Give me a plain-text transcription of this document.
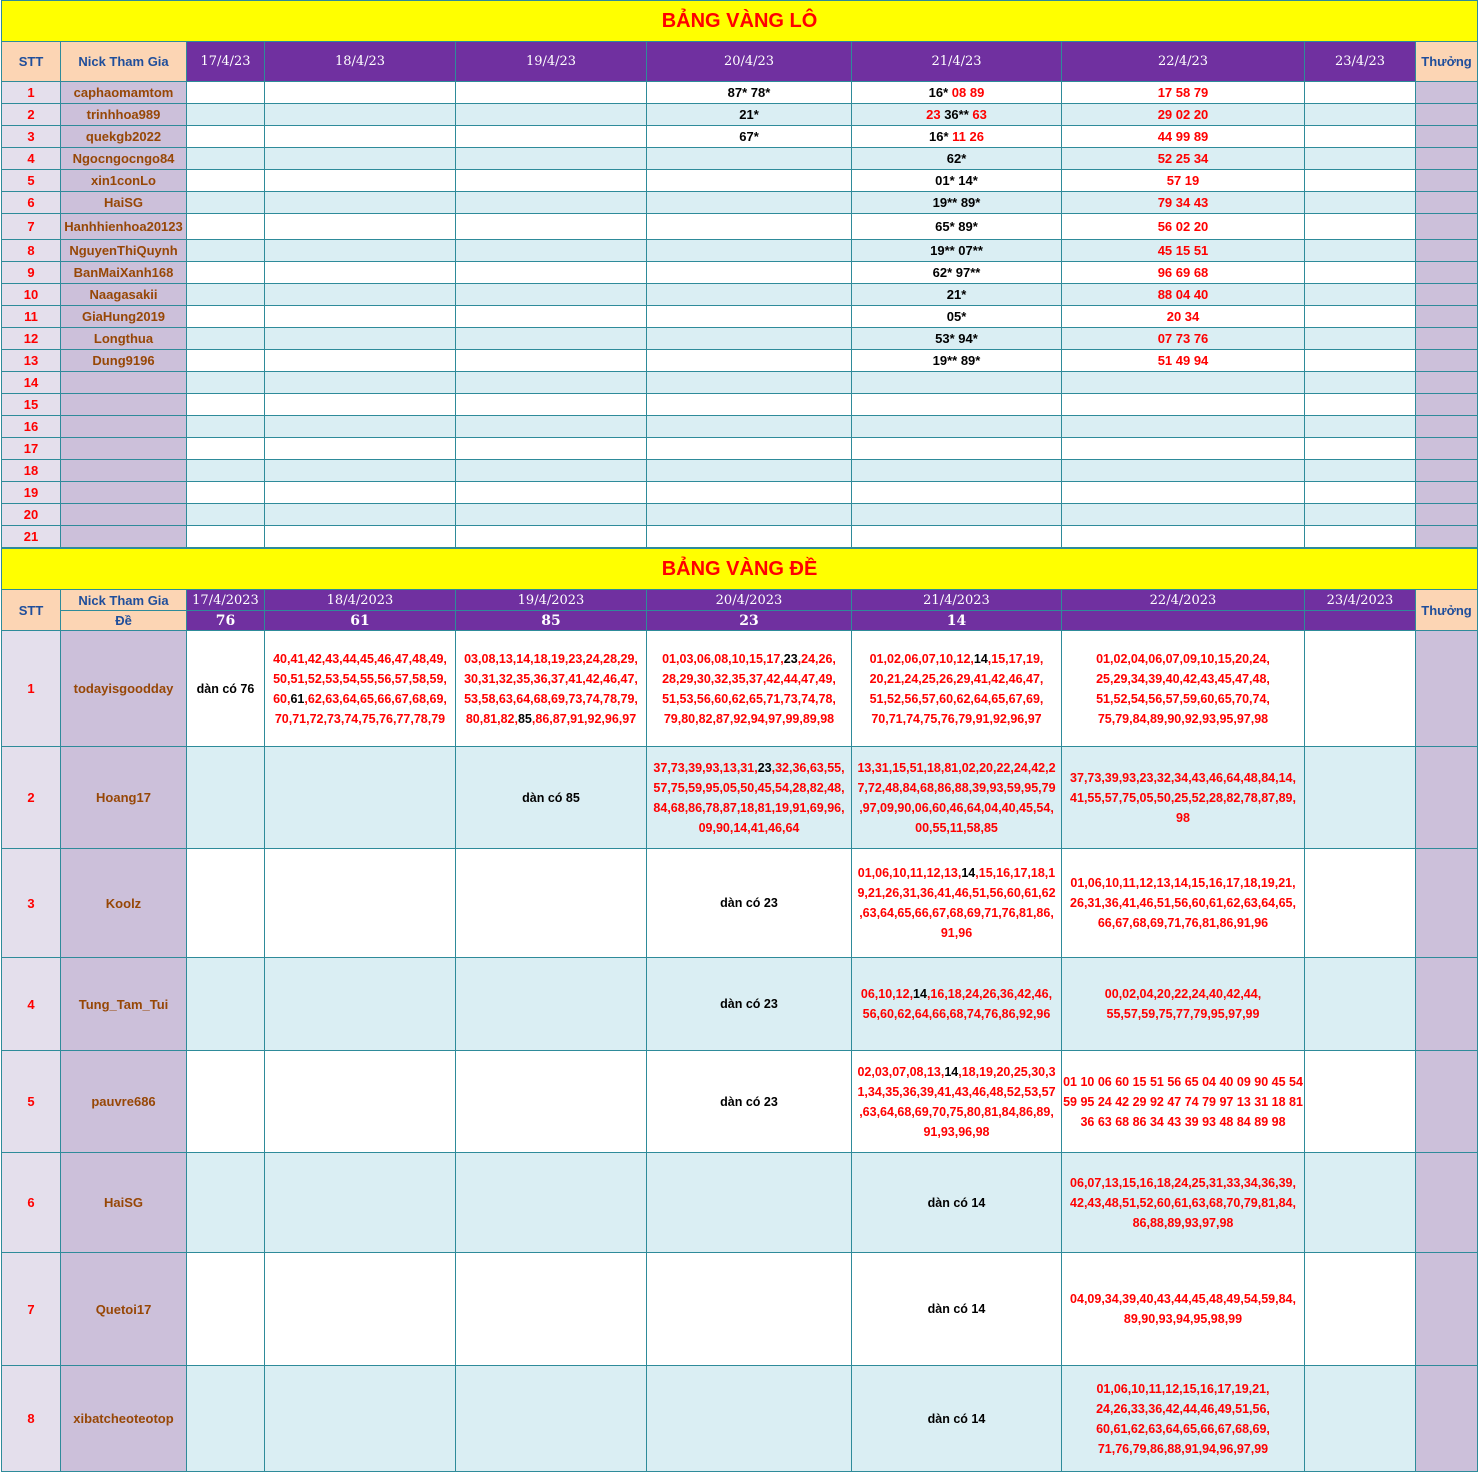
BẢNG VÀNG LÔ									
STT	Nick Tham Gia	17/4/23	18/4/23	19/4/23	20/4/23	21/4/23	22/4/23	23/4/23	Thưởng
1	caphaomamtom				87* 78*	16* 08 89	17 58 79		
2	trinhhoa989				21*	23 36** 63	29 02 20		
3	quekgb2022				67*	16* 11 26	44 99 89		
4	Ngocngocngo84					62*	52 25 34		
5	xin1conLo					01* 14*	57 19		
6	HaiSG					19** 89*	79 34 43		
7	Hanhhienhoa20123					65* 89*	56 02 20		
8	NguyenThiQuynh					19** 07**	45 15 51		
9	BanMaiXanh168					62* 97**	96 69 68		
10	Naagasakii					21*	88 04 40		
11	GiaHung2019					05*	20 34		
12	Longthua					53* 94*	07 73 76		
13	Dung9196					19** 89*	51 49 94		
14									
15									
16									
17									
18									
19									
20									
21									
BẢNG VÀNG ĐỀ									
STT	Nick Tham Gia	17/4/2023	18/4/2023	19/4/2023	20/4/2023	21/4/2023	22/4/2023	23/4/2023	Thưởng
	Đề	76	61	85	23	14			
1	todayisgoodday	dàn có 76	40,41,42,43,44,45,46,47,48,49, 50,51,52,53,54,55,56,57,58,59, 60,61,62,63,64,65,66,67,68,69, 70,71,72,73,74,75,76,77,78,79	03,08,13,14,18,19,23,24,28,29, 30,31,32,35,36,37,41,42,46,47, 53,58,63,64,68,69,73,74,78,79, 80,81,82,85,86,87,91,92,96,97	01,03,06,08,10,15,17,23,24,26, 28,29,30,32,35,37,42,44,47,49, 51,53,56,60,62,65,71,73,74,78, 79,80,82,87,92,94,97,99,89,98	01,02,06,07,10,12,14,15,17,19, 20,21,24,25,26,29,41,42,46,47, 51,52,56,57,60,62,64,65,67,69, 70,71,74,75,76,79,91,92,96,97	01,02,04,06,07,09,10,15,20,24, 25,29,34,39,40,42,43,45,47,48, 51,52,54,56,57,59,60,65,70,74, 75,79,84,89,90,92,93,95,97,98		
2	Hoang17			dàn có 85	37,73,39,93,13,31,23,32,36,63,55, 57,75,59,95,05,50,45,54,28,82,48, 84,68,86,78,87,18,81,19,91,69,96, 09,90,14,41,46,64	13,31,15,51,18,81,02,20,22,24,42,2 7,72,48,84,68,86,88,39,93,59,95,79 ,97,09,90,06,60,46,64,04,40,45,54, 00,55,11,58,85	37,73,39,93,23,32,34,43,46,64,48,84,14, 41,55,57,75,05,50,25,52,28,82,78,87,89, 98		
3	Koolz				dàn có 23	01,06,10,11,12,13,14,15,16,17,18,1 9,21,26,31,36,41,46,51,56,60,61,62 ,63,64,65,66,67,68,69,71,76,81,86, 91,96	01,06,10,11,12,13,14,15,16,17,18,19,21, 26,31,36,41,46,51,56,60,61,62,63,64,65, 66,67,68,69,71,76,81,86,91,96		
4	Tung_Tam_Tui				dàn có 23	06,10,12,14,16,18,24,26,36,42,46, 56,60,62,64,66,68,74,76,86,92,96	00,02,04,20,22,24,40,42,44, 55,57,59,75,77,79,95,97,99		
5	pauvre686				dàn có 23	02,03,07,08,13,14,18,19,20,25,30,3 1,34,35,36,39,41,43,46,48,52,53,57 ,63,64,68,69,70,75,80,81,84,86,89, 91,93,96,98	01 10 06 60 15 51 56 65 04 40 09 90 45 54 59 95 24 42 29 92 47 74 79 97 13 31 18 81 36 63 68 86 34 43 39 93 48 84 89 98		
6	HaiSG					dàn có 14	06,07,13,15,16,18,24,25,31,33,34,36,39, 42,43,48,51,52,60,61,63,68,70,79,81,84, 86,88,89,93,97,98		
7	Quetoi17					dàn có 14	04,09,34,39,40,43,44,45,48,49,54,59,84, 89,90,93,94,95,98,99		
8	xibatcheoteotop					dàn có 14	01,06,10,11,12,15,16,17,19,21, 24,26,33,36,42,44,46,49,51,56, 60,61,62,63,64,65,66,67,68,69, 71,76,79,86,88,91,94,96,97,99		
